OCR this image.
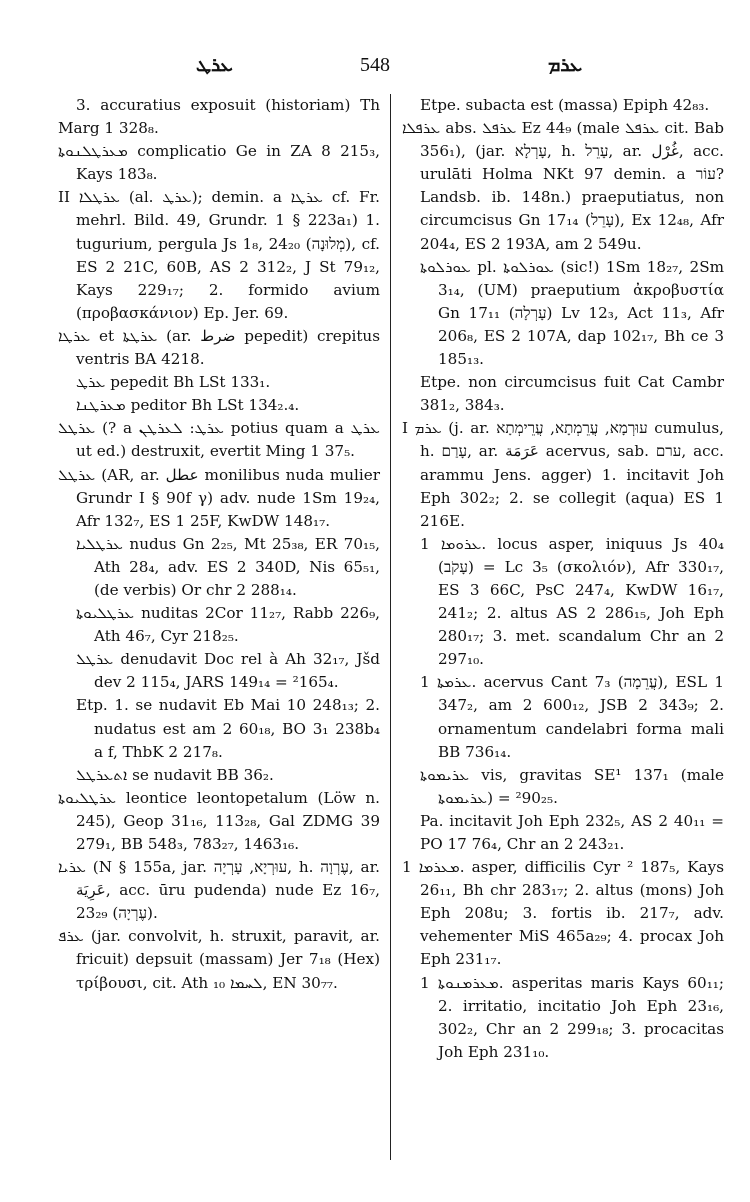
ܥܪܛ	548	ܥܪܡ

3. accuratius exposuit (historiam) Th Marg 1 328₈.

ܡܥܪܛܠܢܘܬܐ complicatio Ge in ZA 8 215₃, Kays 183₈.

II ܥܪܛܠܐ (al. ܥܪܛ); demin. a ܥܪܛܐ cf. Fr. mehrl. Bild. 49, Grundr. 1 § 223a₁) 1. tugurium, pergula Js 1₈, 24₂₀ (מְלוּנָה), cf. ES 2 21C, 60B, AS 2 312₂, J St 79₁₂, Kays 229₁₇; 2. formido avium (προβασκάνιον) Ep. Jer. 69.

ܥܪܛܐ et ܥܪܛܬܐ (ar. ضرط pepedit) crepitus ventris BA 4218.

ܥܪܛ pepedit Bh LSt 133₁.

ܡܥܪܛܢܐ peditor Bh LSt 134₂.₄.

ܥܪܛܠ (? a ܥܪܛ: ܠܥܪܛܢ potius quam a ܥܪܛ ut ed.) destruxit, evertit Ming 1 37₅.

ܥܪܛܠ (AR, ar. عطل monilibus nuda mulier Grundr I § 90f γ) adv. nude 1Sm 19₂₄, Afr 132₇, ES 1 25F, KwDW 148₁₇.

ܥܪܛܠܝܐ nudus Gn 2₂₅, Mt 25₃₈, ER 70₁₅, Ath 28₄, adv. ES 2 340D, Nis 65₅₁, (de verbis) Or chr 2 288₁₄.

ܥܪܛܠܝܘܬܐ nuditas 2Cor 11₂₇, Rabb 226₉, Ath 46₇, Cyr 218₂₅.

ܥܪܛܠ denudavit Doc rel à Ah 32₁₇, Jšd dev 2 115₄, JARS 149₁₄ = ²165₄.

Etp. 1. se nudavit Eb Mai 10 248₁₃; 2. nudatus est am 2 60₁₈, BO 3₁ 238b₄ a f, ThbK 2 217₈.

ܐܬܥܪܛܠ se nudavit BB 36₂.

ܥܪܛܠܝܘܬܐ leontice leontopetalum (Löw n. 245), Geop 31₁₆, 113₂₈, Gal ZDMG 39 279₁, BB 548₃, 783₂₇, 1463₁₆.

ܥܪܝܐ (N § 155a, jar. עוּרְיָא, עָרְיָה, h. עֶרְוָה, ar. عَرِيَة, acc. ūru pudenda) nude Ez 16₇, 23₂₉ (עֶרְיָה).

ܥܪܦ (jar. convolvit, h. struxit, paravit, ar. fricuit) depsuit (massam) Jer 7₁₈ (Hex) τρίβουσι, cit. Ath ܠܚܡܐ ₁₀, EN 30₇₇.

Etpe. subacta est (massa) Epiph 42₈₃.

ܥܪܦܠܐ abs. ܥܪܦܠ Ez 44₉ (male ܥܪܦܠ cit. Bab 356₁), (jar. עָרְלָא, h. עָרֵל, ar. غُرْل, acc. urulāti Holma NKt 97 demin. a עוֹר? Landsb. ib. 148n.) praeputiatus, non circumcisus Gn 17₁₄ (עָרֵל), Ex 12₄₈, Afr 204₄, ES 2 193A, am 2 549u.

ܥܘܪܠܘܬܐ pl. ܥܘܪܠܘܬܐ (sic!) 1Sm 18₂₇, 2Sm 3₁₄, (UM) praeputium ἀκροβυστία Gn 17₁₁ (עָרְלָה) Lv 12₃, Act 11₃, Afr 206₈, ES 2 107A, dap 102₁₇, Bh ce 3 185₁₃.

Etpe. non circumcisus fuit Cat Cambr 381₂, 384₃.

I ܥܪܡ (j. ar. עוּרְמָא, עֲרֵמְתָא, עֲרֵימְתָא cumulus, h. עָרַם, ar. عَرَمَة acervus, sab. ערם, acc. arammu Jens. agger) 1. incitavit Joh Eph 302₂; 2. se collegit (aqua) ES 1 216E.

ܥܪܘܡܐ 1. locus asper, iniquus Js 40₄ (עָקֹב) = Lc 3₅ (σκολιόν), Afr 330₁₇, ES 3 66C, PsC 247₄, KwDW 16₁₇, 241₂; 2. altus AS 2 286₁₅, Joh Eph 280₁₇; 3. met. scandalum Chr an 2 297₁₀.

ܥܪܡܬܐ 1. acervus Cant 7₃ (עֲרֵמָה), ESL 1 347₂, am 2 600₁₂, JSB 2 343₉; 2. ornamentum candelabri forma mali BB 736₁₄.

ܥܪܝܡܘܬܐ vis, gravitas SE¹ 137₁ (male ܥܪܝܡܘܬܐ) = ²90₂₅.

Pa. incitavit Joh Eph 232₅, AS 2 40₁₁ = PO 17 76₄, Chr an 2 243₂₁.

ܡܥܪܡܐ 1. asper, difficilis Cyr ² 187₅, Kays 26₁₁, Bh chr 283₁₇; 2. altus (mons) Joh Eph 208u; 3. fortis ib. 217₇, adv. vehementer MiS 465a₂₉; 4. procax Joh Eph 231₁₇.

ܡܥܪܡܢܘܬܐ 1. asperitas maris Kays 60₁₁; 2. irritatio, incitatio Joh Eph 23₁₆, 302₂, Chr an 2 299₁₈; 3. procacitas Joh Eph 231₁₀.
